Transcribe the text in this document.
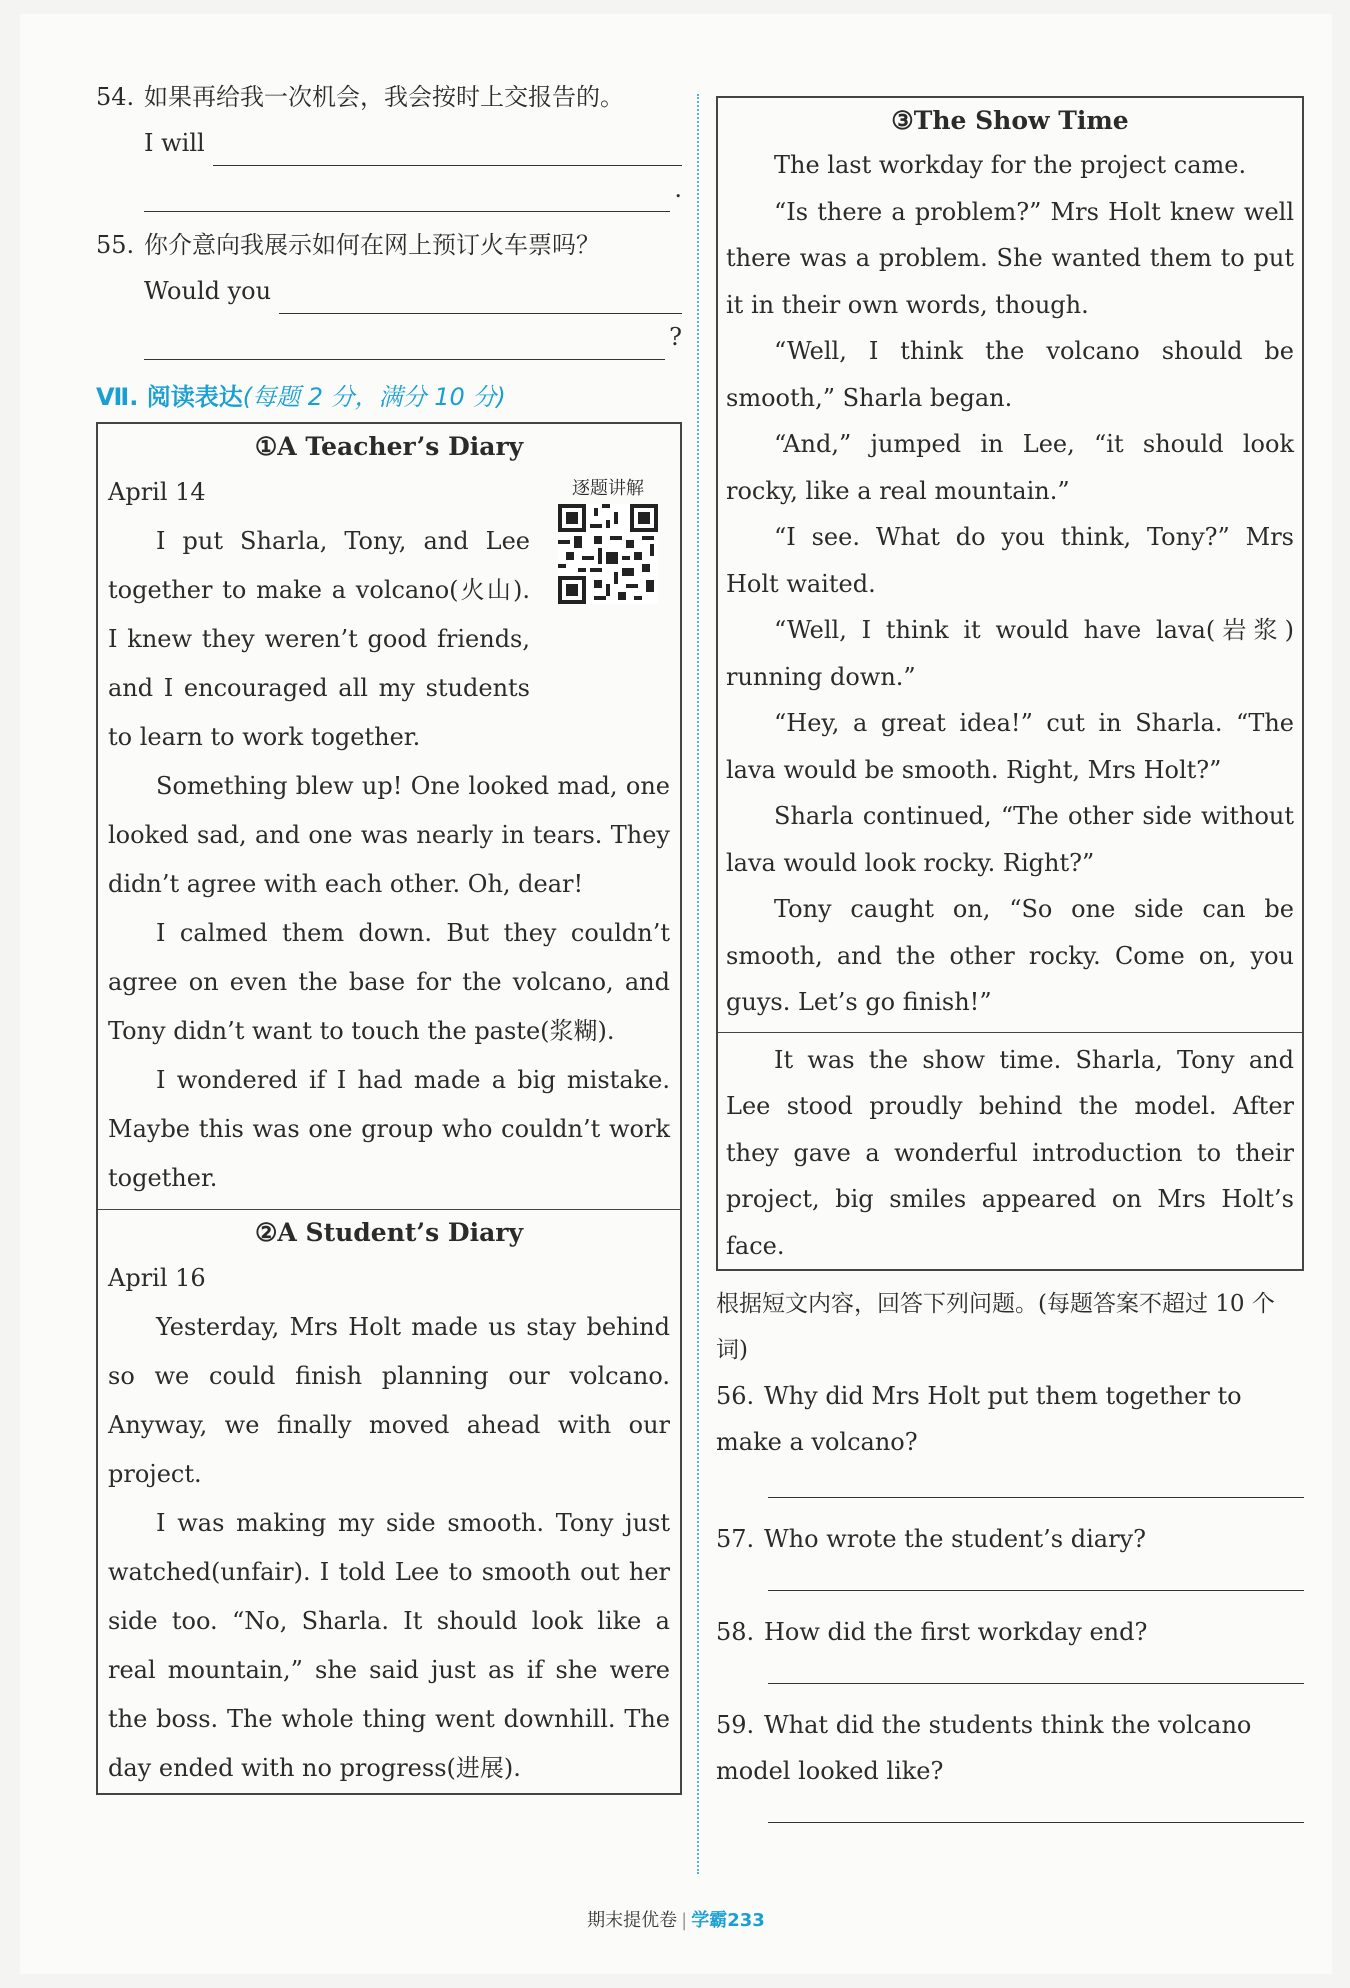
54. 如果再给我一次机会，我会按时上交报告的。
I will
.
55. 你介意向我展示如何在网上预订火车票吗？
Would you
?
Ⅶ. 阅读表达(每题 2 分，满分 10 分)
①A Teacher’s Diary
逐题讲解
April 14

I put Sharla, Tony, and Lee together to make a volcano(火山). I knew they weren’t good friends, and I encouraged all my students to learn to work together.

Something blew up! One looked mad, one looked sad, and one was nearly in tears. They didn’t agree with each other. Oh, dear!

I calmed them down. But they couldn’t agree on even the base for the volcano, and Tony didn’t want to touch the paste(浆糊).

I wondered if I had made a big mistake. Maybe this was one group who couldn’t work together.

②A Student’s Diary
April 16

Yesterday, Mrs Holt made us stay behind so we could finish planning our volcano. Anyway, we finally moved ahead with our project.

I was making my side smooth. Tony just watched(unfair). I told Lee to smooth out her side too. “No, Sharla. It should look like a real mountain,” she said just as if she were the boss. The whole thing went downhill. The day ended with no progress(进展).

③The Show Time

The last workday for the project came.

“Is there a problem?” Mrs Holt knew well there was a problem. She wanted them to put it in their own words, though.

“Well, I think the volcano should be smooth,” Sharla began.

“And,” jumped in Lee, “it should look rocky, like a real mountain.”

“I see. What do you think, Tony?” Mrs Holt waited.

“Well, I think it would have lava(岩浆) running down.”

“Hey, a great idea!” cut in Sharla. “The lava would be smooth. Right, Mrs Holt?”

Sharla continued, “The other side without lava would look rocky. Right?”

Tony caught on, “So one side can be smooth, and the other rocky. Come on, you guys. Let’s go finish!”

It was the show time. Sharla, Tony and Lee stood proudly behind the model. After they gave a wonderful introduction to their project, big smiles appeared on Mrs Holt’s face.

根据短文内容，回答下列问题。(每题答案不超过 10 个词)
56. Why did Mrs Holt put them together to make a volcano?
57. Who wrote the student’s diary?
58. How did the first workday end?
59. What did the students think the volcano model looked like?
期末提优卷 | 学霸233
